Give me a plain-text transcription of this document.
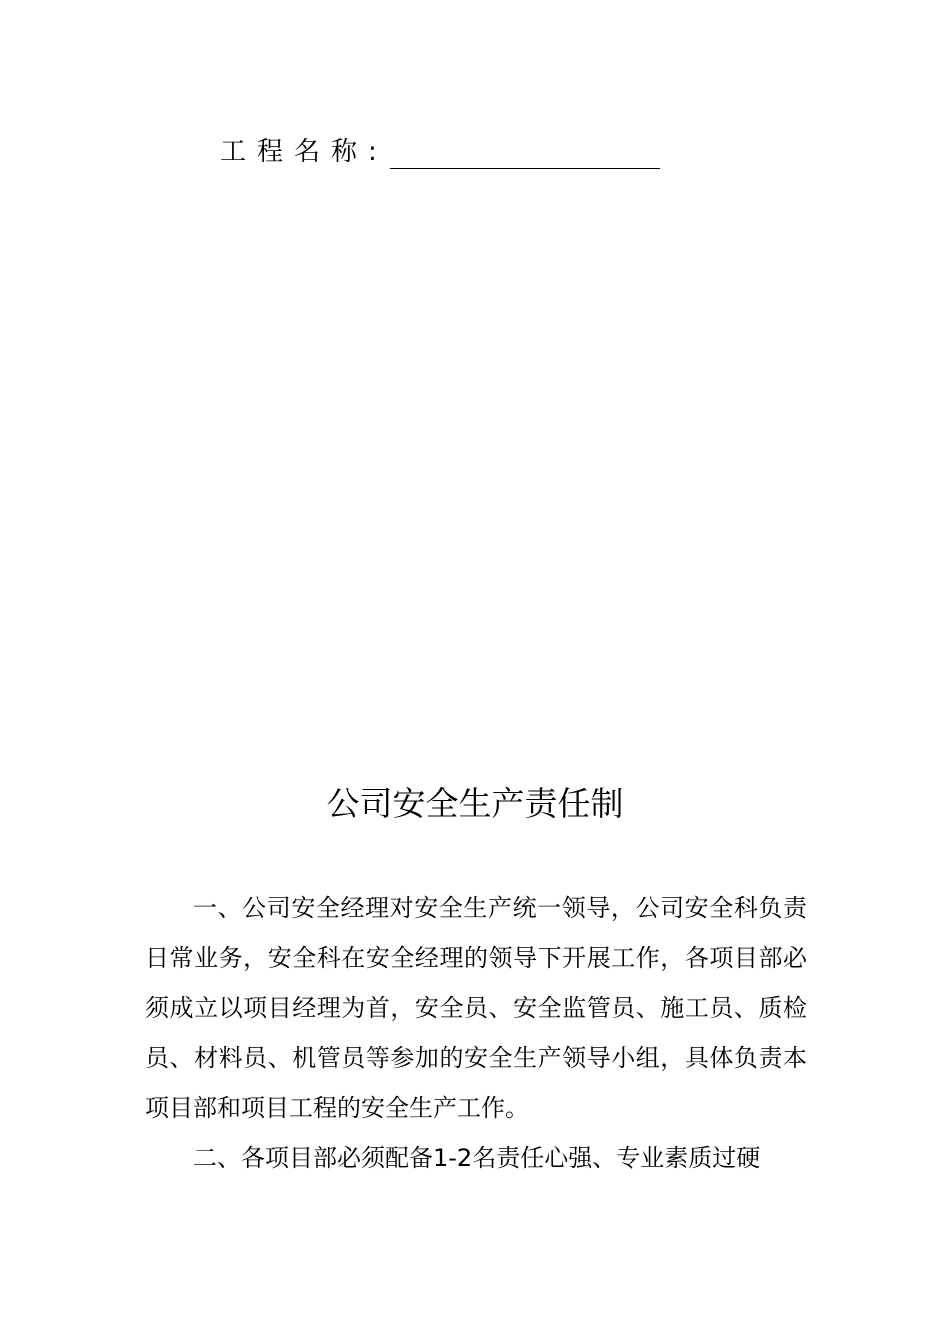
工程名称:
公司安全生产责任制

一、公司安全经理对安全生产统一领导，公司安全科负责日常业务，安全科在安全经理的领导下开展工作，各项目部必须成立以项目经理为首，安全员、安全监管员、施工员、质检员、材料员、机管员等参加的安全生产领导小组，具体负责本项目部和项目工程的安全生产工作。

二、各项目部必须配备1-2名责任心强、专业素质过硬
